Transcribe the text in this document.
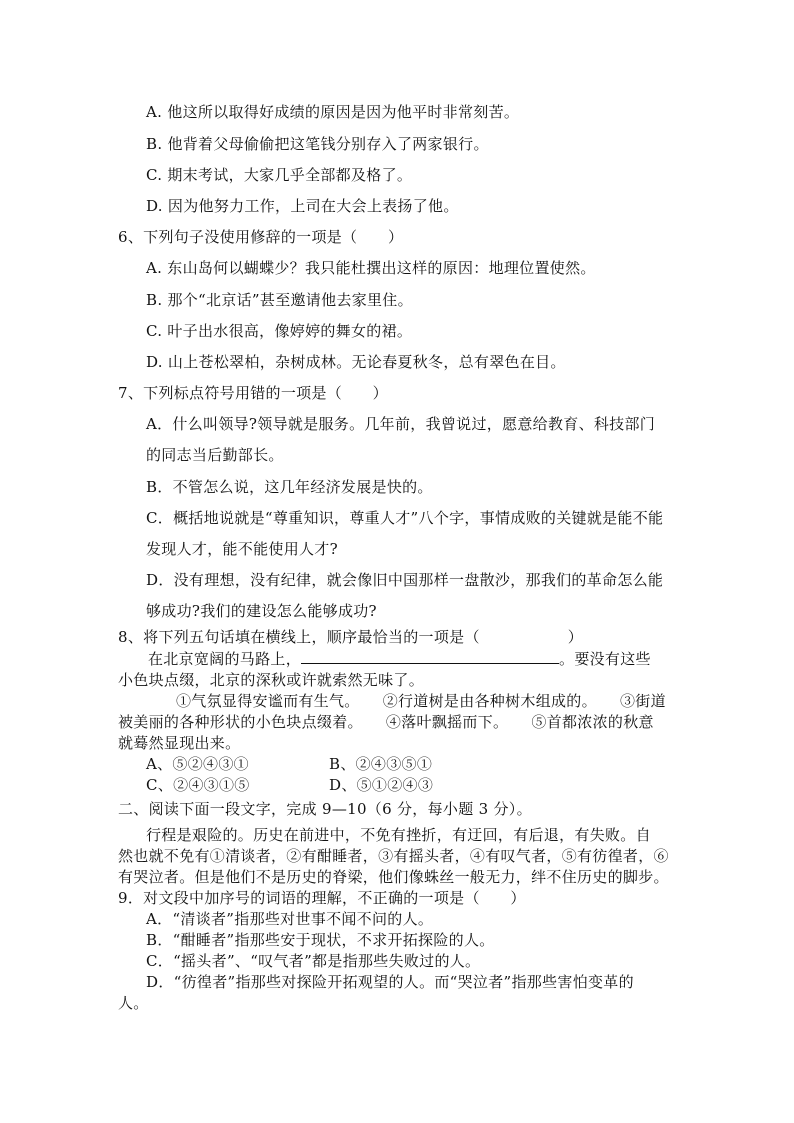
A. 他这所以取得好成绩的原因是因为他平时非常刻苦。
B. 他背着父母偷偷把这笔钱分别存入了两家银行。
C. 期末考试，大家几乎全部都及格了。
D. 因为他努力工作，上司在大会上表扬了他。
6、下列句子没使用修辞的一项是（　　）
A. 东山岛何以蝴蝶少？我只能杜撰出这样的原因：地理位置使然。
B. 那个“北京话”甚至邀请他去家里住。
C. 叶子出水很高，像婷婷的舞女的裙。
D. 山上苍松翠柏，杂树成林。无论春夏秋冬，总有翠色在目。
7、下列标点符号用错的一项是（　　）
A．什么叫领导?领导就是服务。几年前，我曾说过，愿意给教育、科技部门
的同志当后勤部长。
B．不管怎么说，这几年经济发展是快的。
C．概括地说就是“尊重知识，尊重人才”八个字，事情成败的关键就是能不能
发现人才，能不能使用人才?
D．没有理想，没有纪律，就会像旧中国那样一盘散沙，那我们的革命怎么能
够成功?我们的建设怎么能够成功?
8、将下列五句话填在横线上，顺序最恰当的一项是（	）
在北京宽阔的马路上，	。要没有这些
小色块点缀，北京的深秋或许就索然无味了。
①气氛显得安谧而有生气。　　②行道树是由各种树木组成的。　　③街道
被美丽的各种形状的小色块点缀着。　　④落叶飘摇而下。　　⑤首都浓浓的秋意
就蓦然显现出来。
A、⑤②④③①	B、②④③⑤①
C、②④③①⑤	D、⑤①②④③
二、阅读下面一段文字，完成 9—10（6 分，每小题 3 分）。
行程是艰险的。历史在前进中，不免有挫折，有迂回，有后退，有失败。自
然也就不免有①清谈者，②有酣睡者，③有摇头者，④有叹气者，⑤有彷徨者，⑥
有哭泣者。但是他们不是历史的脊梁，他们像蛛丝一般无力，绊不住历史的脚步。
9．对文段中加序号的词语的理解，不正确的一项是（　　）
A．“清谈者”指那些对世事不闻不问的人。
B．“酣睡者”指那些安于现状，不求开拓探险的人。
C．“摇头者”、“叹气者”都是指那些失败过的人。
D．“彷徨者”指那些对探险开拓观望的人。而“哭泣者”指那些害怕变革的
人。
